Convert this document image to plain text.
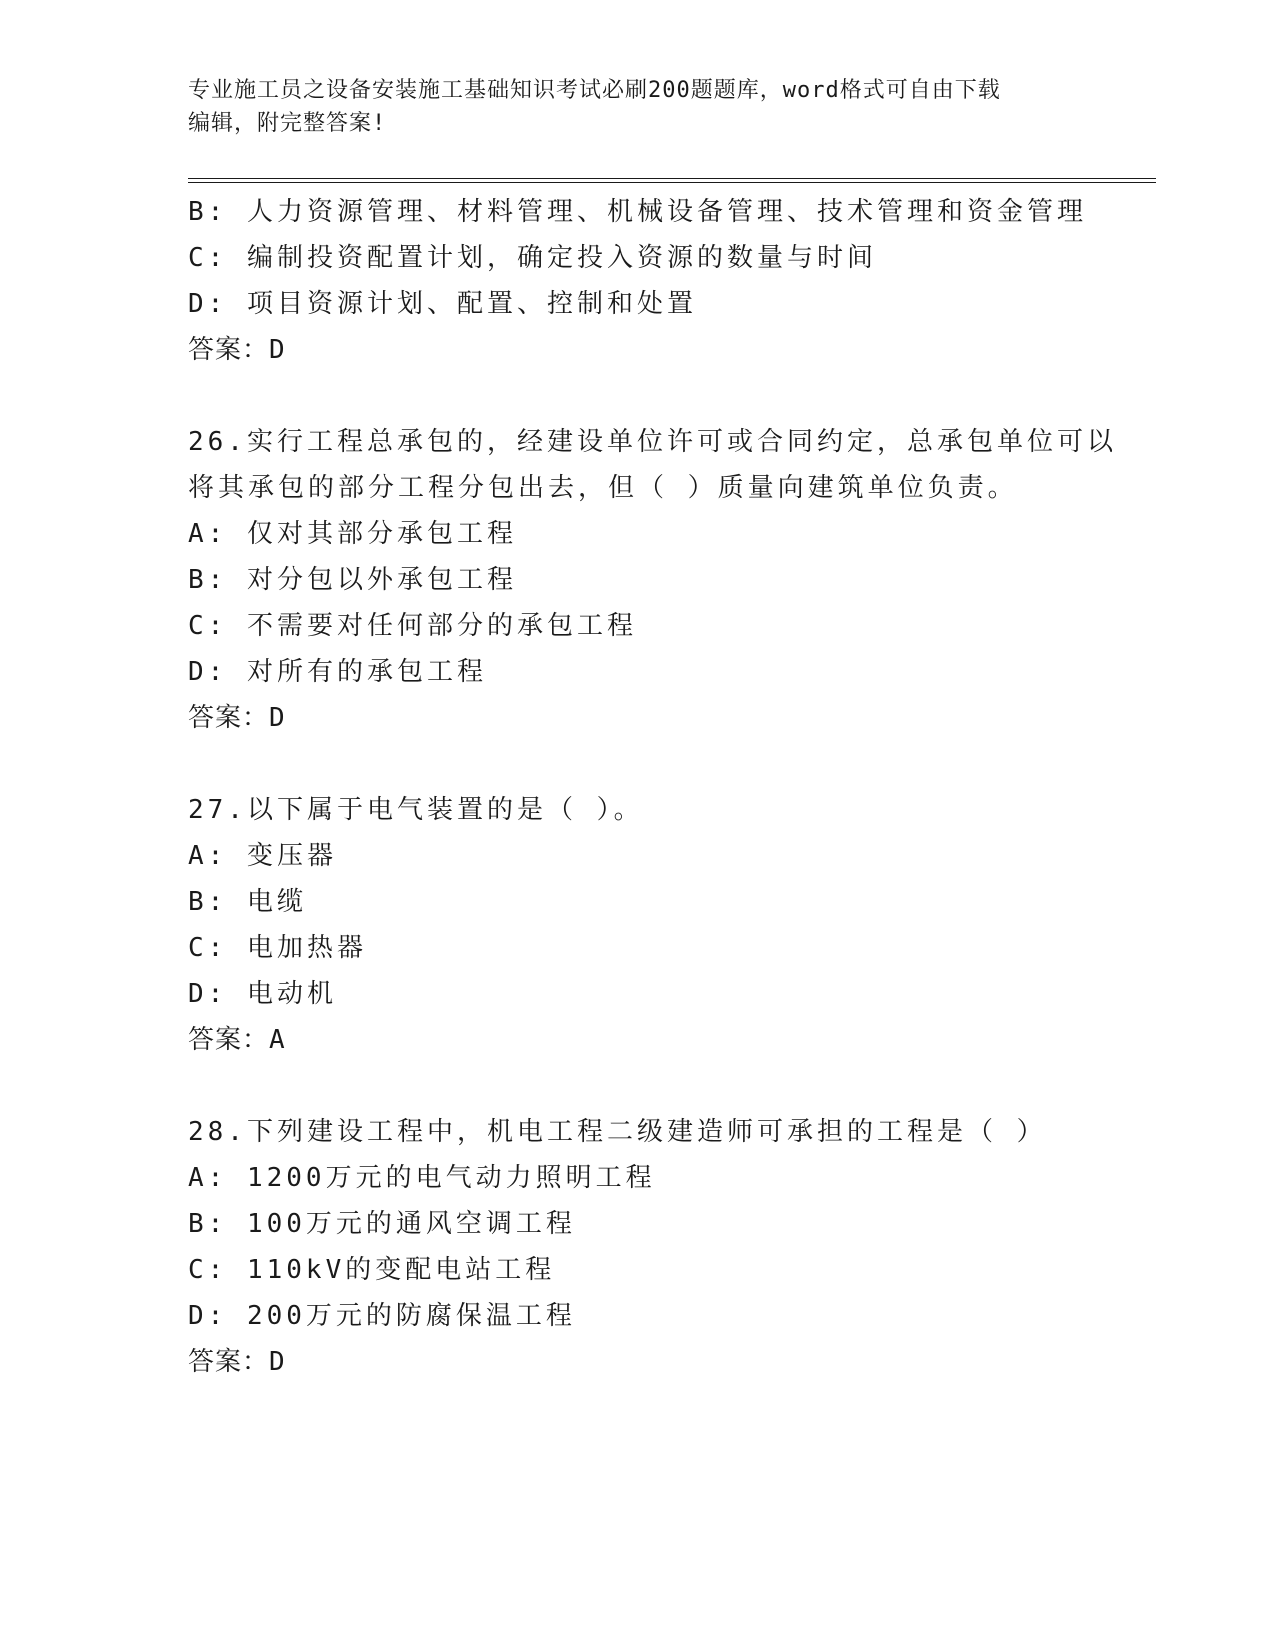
专业施工员之设备安装施工基础知识考试必刷200题题库，word格式可自由下载
编辑，附完整答案!
B: 人力资源管理、材料管理、机械设备管理、技术管理和资金管理
C: 编制投资配置计划，确定投入资源的数量与时间
D: 项目资源计划、配置、控制和处置
答案：D
26.实行工程总承包的，经建设单位许可或合同约定，总承包单位可以
将其承包的部分工程分包出去，但（ ）质量向建筑单位负责。
A: 仅对其部分承包工程
B: 对分包以外承包工程
C: 不需要对任何部分的承包工程
D: 对所有的承包工程
答案：D
27.以下属于电气装置的是（ ）。
A: 变压器
B: 电缆
C: 电加热器
D: 电动机
答案：A
28.下列建设工程中，机电工程二级建造师可承担的工程是（ ）
A: 1200万元的电气动力照明工程
B: 100万元的通风空调工程
C: 110kV的变配电站工程
D: 200万元的防腐保温工程
答案：D
